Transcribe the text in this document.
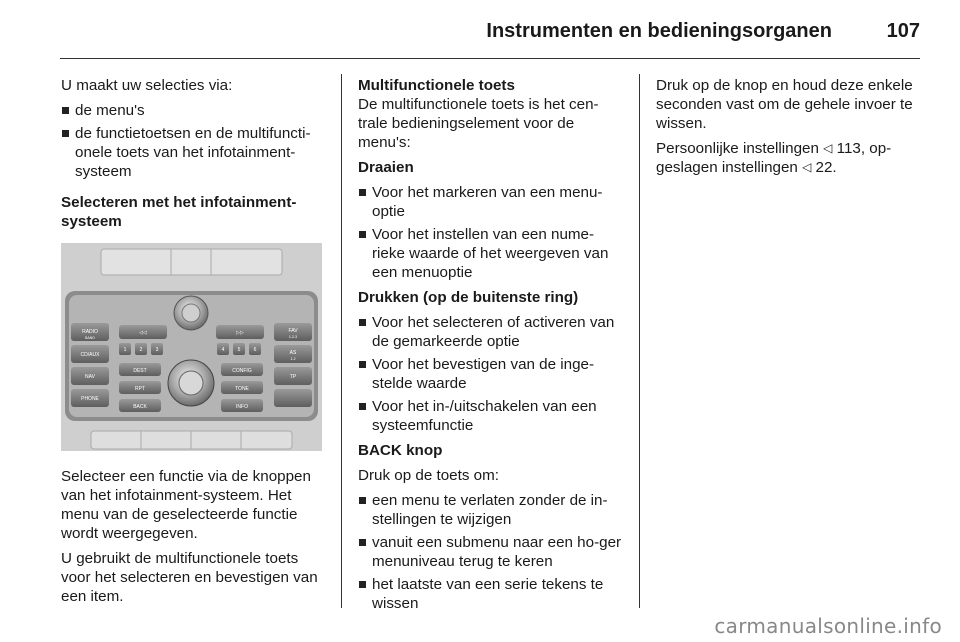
Instrumenten en bedieningsorganen	107

U maakt uw selecties via:

de menu's
de functietoetsen en de multifuncti-onele toets van het infotainment-systeem

Selecteren met het infotainment-systeem

RADIO
BAND
CD/AUX
NAV
PHONE
◁◁	▷▷	FAV
1-2-3
AS
1-2
TP
1	2	3	4	5	6
DEST	CONFIG
RPT	TONE
BACK	INFO

Selecteer een functie via de knoppen van het infotainment-systeem. Het menu van de geselecteerde functie wordt weergegeven.

U gebruikt de multifunctionele toets voor het selecteren en bevestigen van een item.

Multifunctionele toets

De multifunctionele toets is het cen-trale bedieningselement voor de menu's:

Draaien

Voor het markeren van een menu-optie
Voor het instellen van een nume-rieke waarde of het weergeven van een menuoptie

Drukken (op de buitenste ring)

Voor het selecteren of activeren van de gemarkeerde optie
Voor het bevestigen van de inge-stelde waarde
Voor het in-/uitschakelen van een systeemfunctie

BACK knop

Druk op de toets om:

een menu te verlaten zonder de in-stellingen te wijzigen
vanuit een submenu naar een ho-ger menuniveau terug te keren
het laatste van een serie tekens te wissen

Druk op de knop en houd deze enkele seconden vast om de gehele invoer te wissen.

Persoonlijke instellingen ◁ 113, op-geslagen instellingen ◁ 22.

carmanualsonline.info
